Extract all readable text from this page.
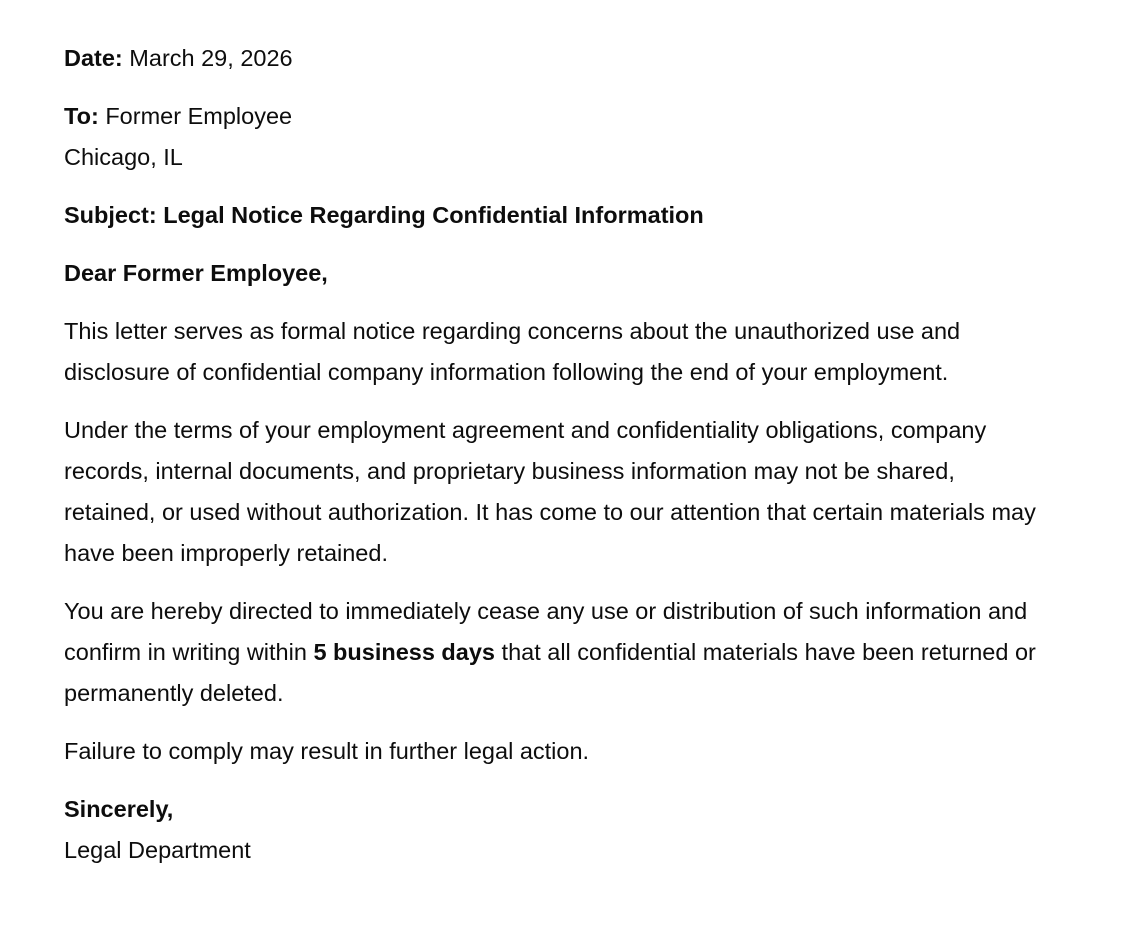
Date: March 29, 2026
To: Former Employee
Chicago, IL
Subject: Legal Notice Regarding Confidential Information
Dear Former Employee,

This letter serves as formal notice regarding concerns about the unauthorized use and disclosure of confidential company information following the end of your employment.

Under the terms of your employment agreement and confidentiality obligations, company records, internal documents, and proprietary business information may not be shared, retained, or used without authorization. It has come to our attention that certain materials may have been improperly retained.

You are hereby directed to immediately cease any use or distribution of such information and confirm in writing within 5 business days that all confidential materials have been returned or permanently deleted.

Failure to comply may result in further legal action.

Sincerely,
Legal Department
